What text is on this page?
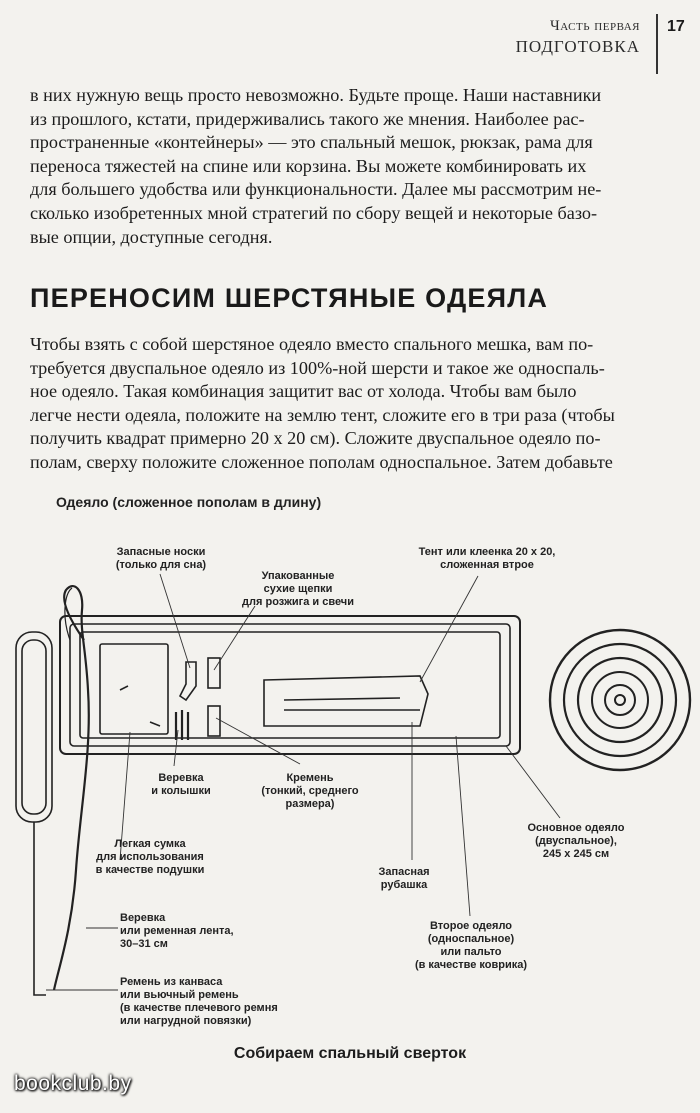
Часть первая
ПОДГОТОВКА
17

в них нужную вещь просто невозможно. Будьте проще. Наши наставники
из прошлого, кстати, придерживались такого же мнения. Наиболее рас-
пространенные «контейнеры» — это спальный мешок, рюкзак, рама для
переноса тяжестей на спине или корзина. Вы можете комбинировать их
для большего удобства или функциональности. Далее мы рассмотрим не-
сколько изобретенных мной стратегий по сбору вещей и некоторые базо-
вые опции, доступные сегодня.

ПЕРЕНОСИМ ШЕРСТЯНЫЕ ОДЕЯЛА

Чтобы взять с собой шерстяное одеяло вместо спального мешка, вам по-
требуется двуспальное одеяло из 100%-ной шерсти и такое же односпаль-
ное одеяло. Такая комбинация защитит вас от холода. Чтобы вам было
легче нести одеяла, положите на землю тент, сложите его в три раза (чтобы
получить квадрат примерно 20 х 20 см). Сложите двуспальное одеяло по-
полам, сверху положите сложенное пополам односпальное. Затем добавьте

Одеяло (сложенное пополам в длину)
Запасные носки
(только для сна)
Упакованные
сухие щепки
для розжига и свечи
Тент или клеенка 20 х 20,
сложенная втрое
Веревка
и колышки
Кремень
(тонкий, среднего
размера)
Основное одеяло
(двуспальное),
245 х 245 см
Легкая сумка
для использования
в качестве подушки	Запасная
рубашка
Веревка
или ременная лента,
30–31 см
Второе одеяло
(односпальное)
или пальто
(в качестве коврика)
Ремень из канваса
или вьючный ремень
(в качестве плечевого ремня
или нагрудной повязки)
Собираем спальный сверток
bookclub.by
